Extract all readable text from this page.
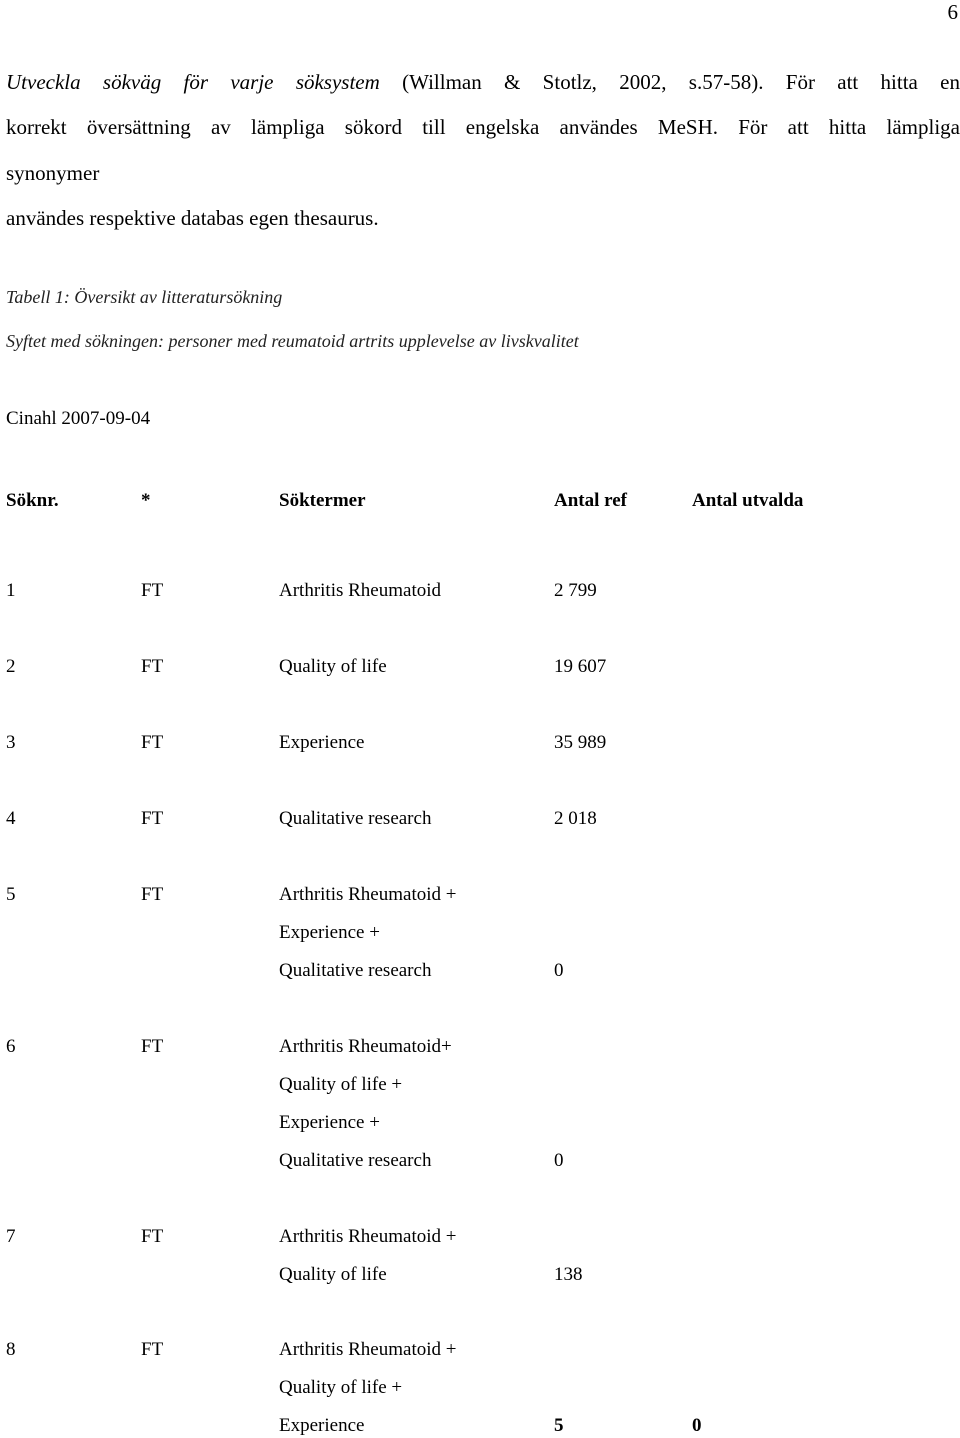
6
Utveckla sökväg för varje söksystem (Willman & Stotlz, 2002, s.57-58). För att hitta en
korrekt översättning av lämpliga sökord till engelska användes MeSH. För att hitta lämpliga
synonymer
användes respektive databas egen thesaurus.
Tabell 1: Översikt av litteratursökning
Syftet med sökningen: personer med reumatoid artrits upplevelse av livskvalitet
Cinahl 2007-09-04
Söknr.	*	Söktermer	Antal ref	Antal utvalda
1	FT	Arthritis Rheumatoid	2 799
2	FT	Quality of life	19 607
3	FT	Experience	35 989
4	FT	Qualitative research	2 018
5	FT	Arthritis Rheumatoid +
Experience +
Qualitative research	0
6	FT	Arthritis Rheumatoid+
Quality of life +
Experience +
Qualitative research	0
7	FT	Arthritis Rheumatoid +
Quality of life	138
8	FT	Arthritis Rheumatoid +
Quality of life +
Experience	5	0
